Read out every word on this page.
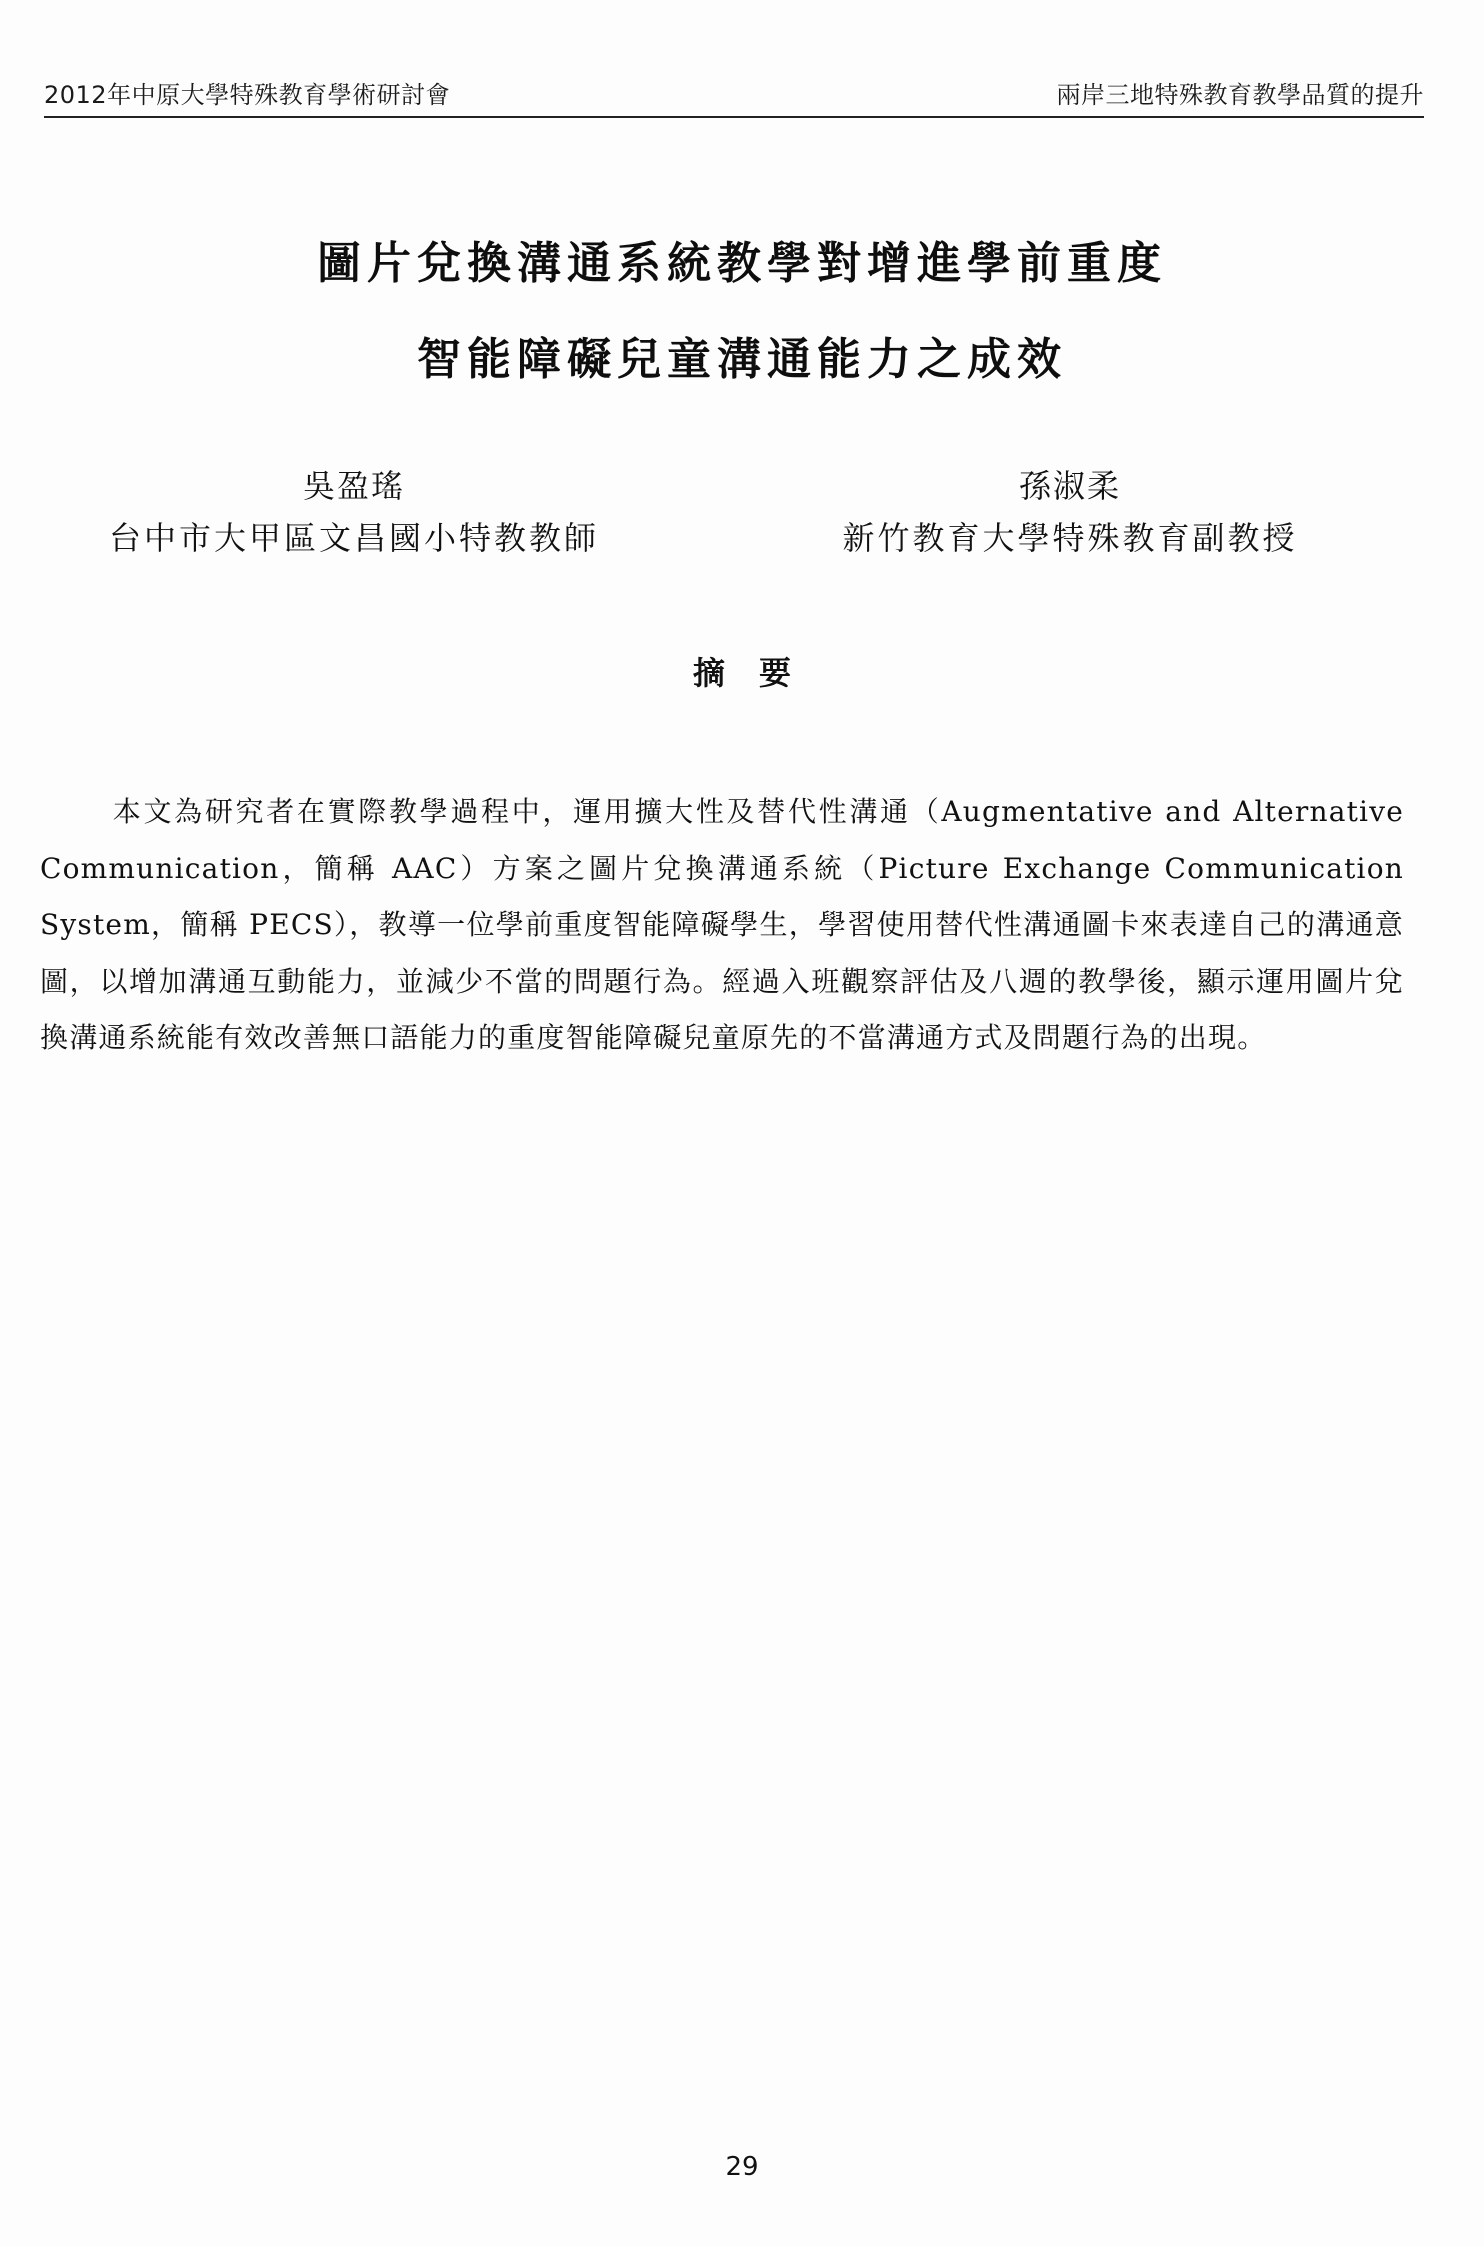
2012年中原大學特殊教育學術研討會	兩岸三地特殊教育教學品質的提升
圖片兌換溝通系統教學對增進學前重度
智能障礙兒童溝通能力之成效
吳盈瑤
台中市大甲區文昌國小特教教師
孫淑柔
新竹教育大學特殊教育副教授
摘要

本文為研究者在實際教學過程中，運用擴大性及替代性溝通（Augmentative and Alternative Communication，簡稱 AAC）方案之圖片兌換溝通系統（Picture Exchange Communication System，簡稱 PECS），教導一位學前重度智能障礙學生，學習使用替代性溝通圖卡來表達自己的溝通意圖，以增加溝通互動能力，並減少不當的問題行為。經過入班觀察評估及八週的教學後，顯示運用圖片兌換溝通系統能有效改善無口語能力的重度智能障礙兒童原先的不當溝通方式及問題行為的出現。

29
